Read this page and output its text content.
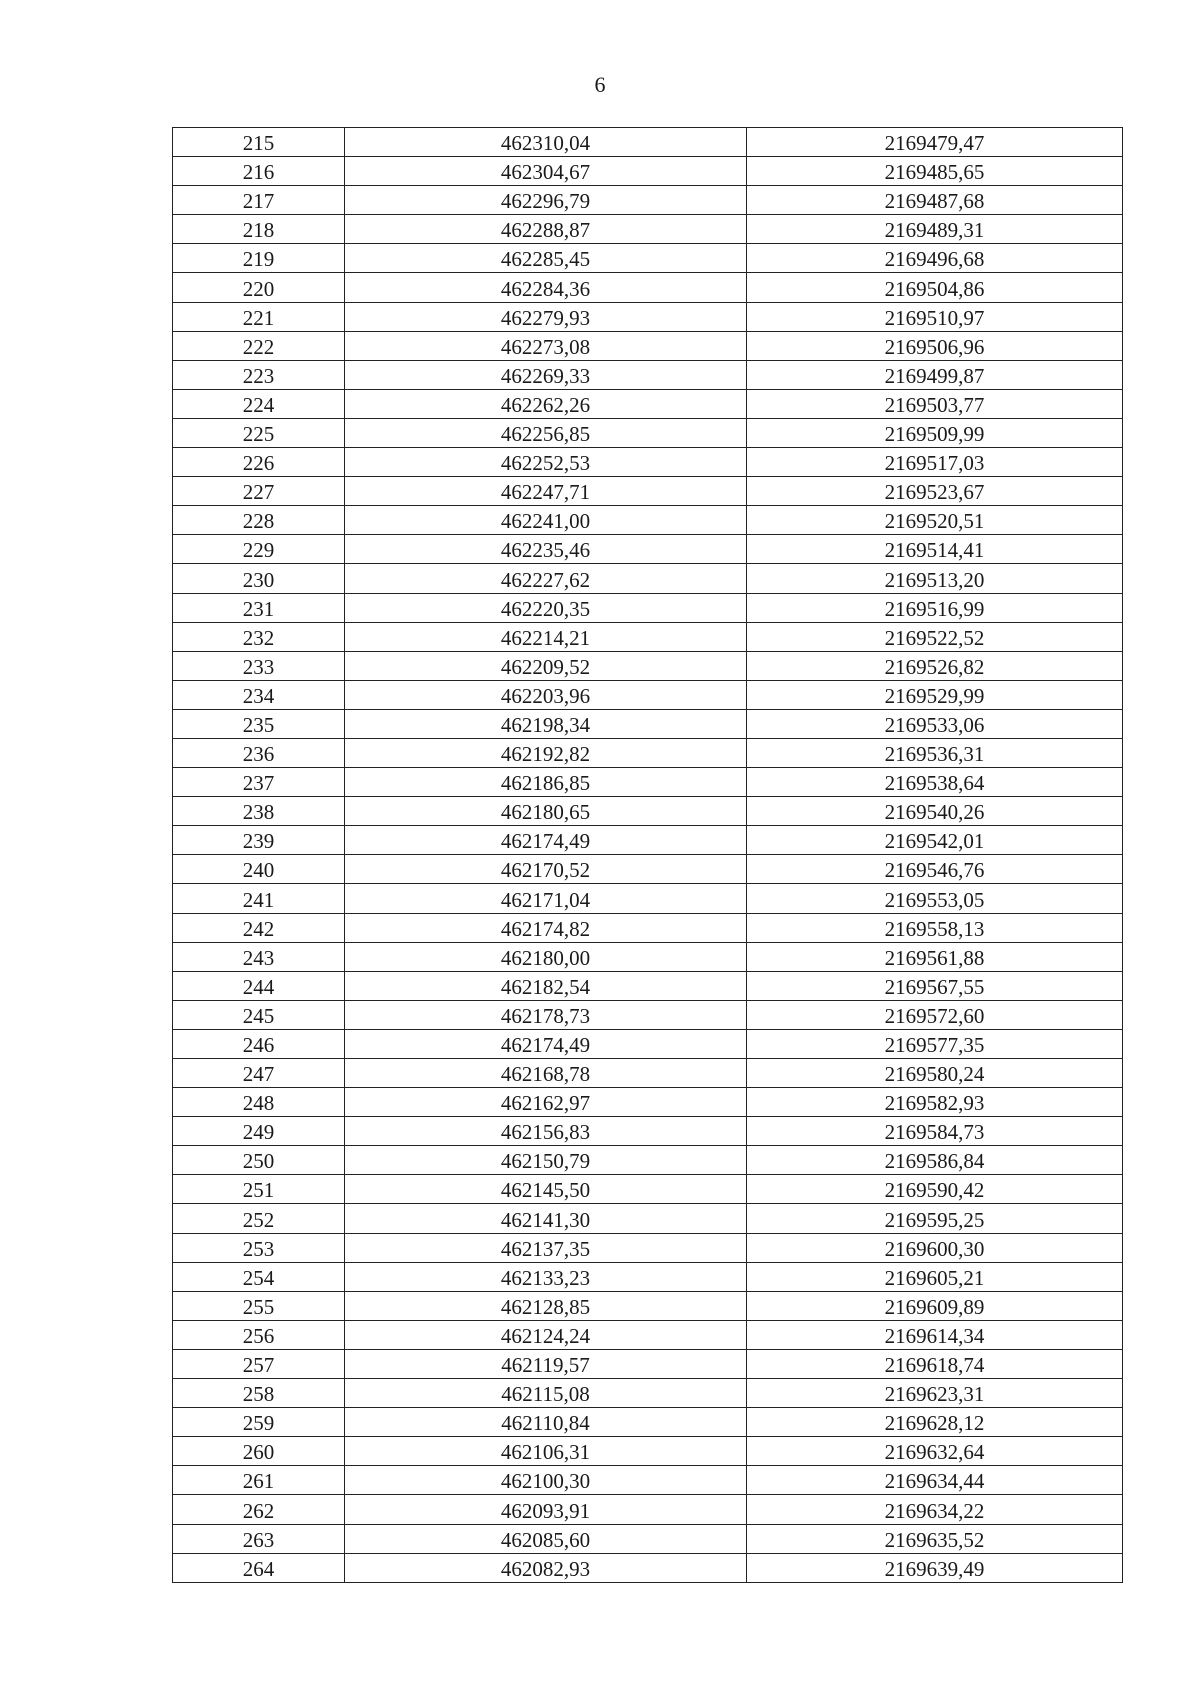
6
215	462310,04	2169479,47
216	462304,67	2169485,65
217	462296,79	2169487,68
218	462288,87	2169489,31
219	462285,45	2169496,68
220	462284,36	2169504,86
221	462279,93	2169510,97
222	462273,08	2169506,96
223	462269,33	2169499,87
224	462262,26	2169503,77
225	462256,85	2169509,99
226	462252,53	2169517,03
227	462247,71	2169523,67
228	462241,00	2169520,51
229	462235,46	2169514,41
230	462227,62	2169513,20
231	462220,35	2169516,99
232	462214,21	2169522,52
233	462209,52	2169526,82
234	462203,96	2169529,99
235	462198,34	2169533,06
236	462192,82	2169536,31
237	462186,85	2169538,64
238	462180,65	2169540,26
239	462174,49	2169542,01
240	462170,52	2169546,76
241	462171,04	2169553,05
242	462174,82	2169558,13
243	462180,00	2169561,88
244	462182,54	2169567,55
245	462178,73	2169572,60
246	462174,49	2169577,35
247	462168,78	2169580,24
248	462162,97	2169582,93
249	462156,83	2169584,73
250	462150,79	2169586,84
251	462145,50	2169590,42
252	462141,30	2169595,25
253	462137,35	2169600,30
254	462133,23	2169605,21
255	462128,85	2169609,89
256	462124,24	2169614,34
257	462119,57	2169618,74
258	462115,08	2169623,31
259	462110,84	2169628,12
260	462106,31	2169632,64
261	462100,30	2169634,44
262	462093,91	2169634,22
263	462085,60	2169635,52
264	462082,93	2169639,49
